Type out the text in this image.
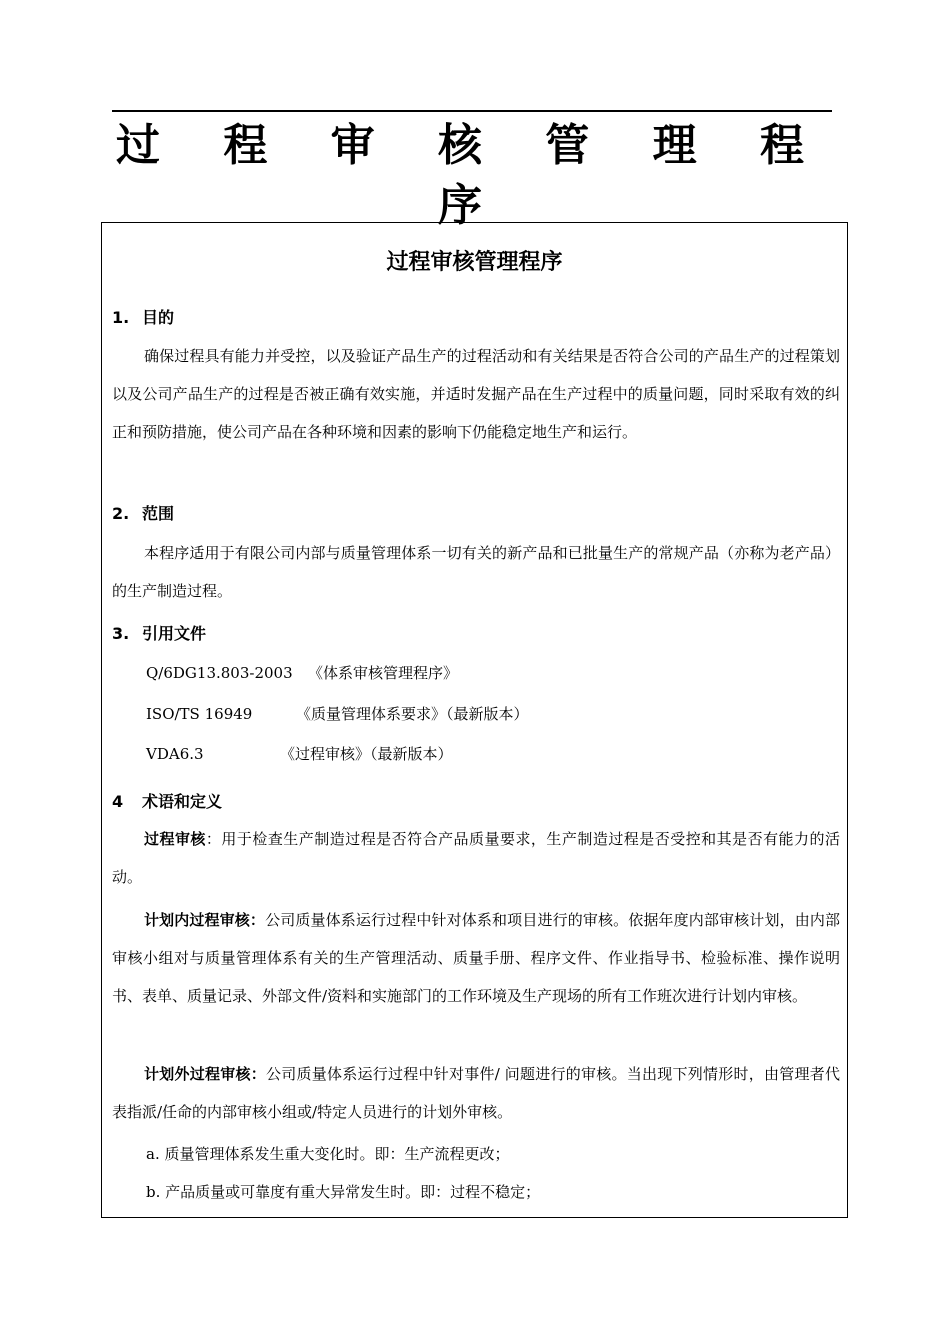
过 程 审 核 管 理 程 序
过程审核管理程序
1. 目的

确保过程具有能力并受控，以及验证产品生产的过程活动和有关结果是否符合公司的产品生产的过程策划以及公司产品生产的过程是否被正确有效实施，并适时发掘产品在生产过程中的质量问题，同时采取有效的纠正和预防措施，使公司产品在各种环境和因素的影响下仍能稳定地生产和运行。

2. 范围

本程序适用于有限公司内部与质量管理体系一切有关的新产品和已批量生产的常规产品（亦称为老产品）的生产制造过程。

3. 引用文件
Q/6DG13.803-2003 《体系审核管理程序》
ISO/TS 16949	《质量管理体系要求》（最新版本）
VDA6.3	《过程审核》（最新版本）
4 术语和定义

过程审核：用于检查生产制造过程是否符合产品质量要求，生产制造过程是否受控和其是否有能力的活动。

计划内过程审核：公司质量体系运行过程中针对体系和项目进行的审核。依据年度内部审核计划，由内部审核小组对与质量管理体系有关的生产管理活动、质量手册、程序文件、作业指导书、检验标准、操作说明书、表单、质量记录、外部文件/资料和实施部门的工作环境及生产现场的所有工作班次进行计划内审核。

计划外过程审核：公司质量体系运行过程中针对事件/ 问题进行的审核。当出现下列情形时，由管理者代表指派/任命的内部审核小组或/特定人员进行的计划外审核。

a. 质量管理体系发生重大变化时。即：生产流程更改；
b. 产品质量或可靠度有重大异常发生时。即：过程不稳定；
